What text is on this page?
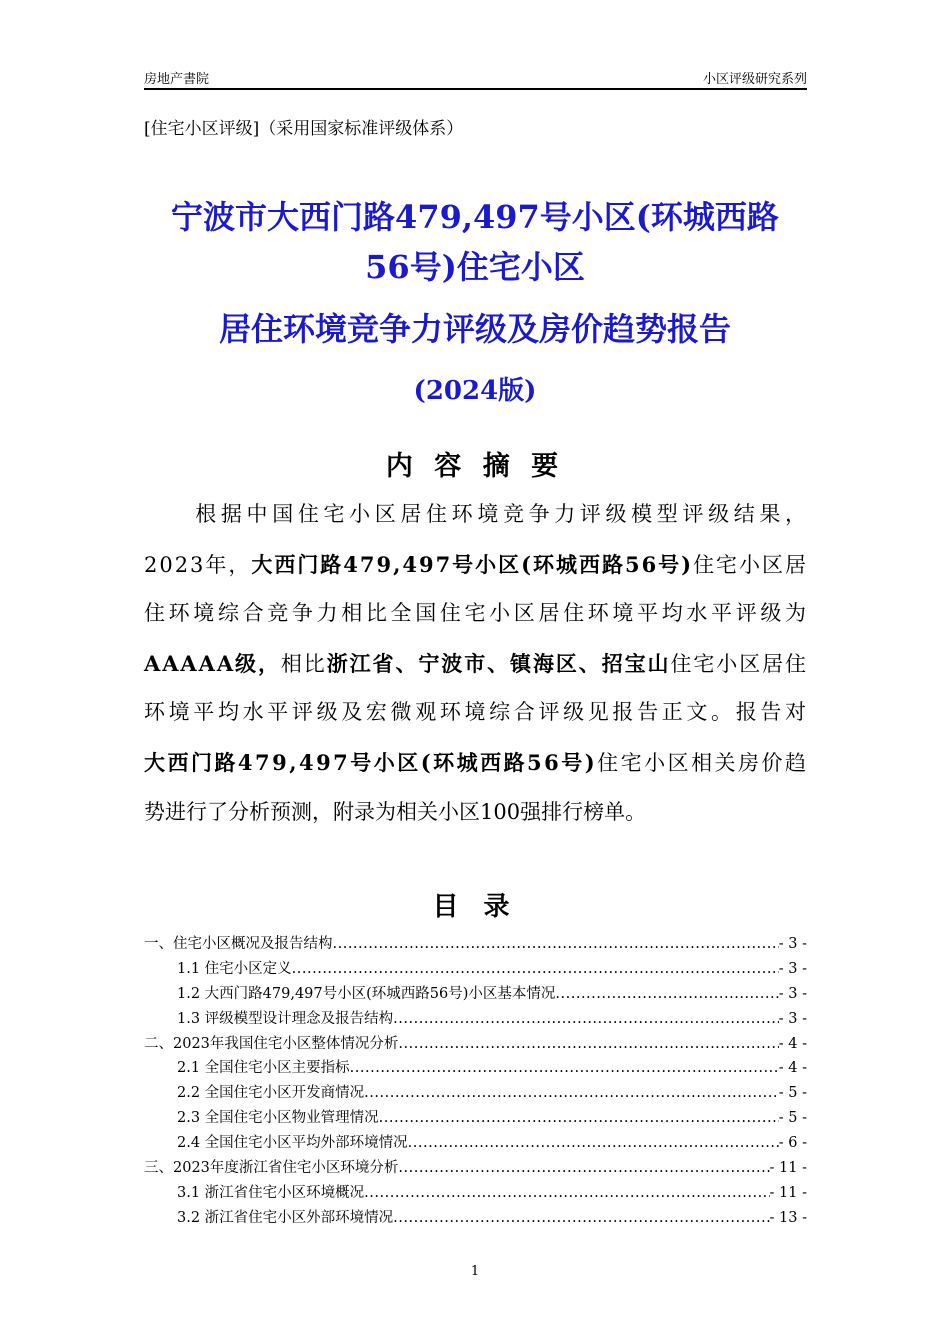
房地产書院	小区评级研究系列
[住宅小区评级]（采用国家标准评级体系）
宁波市大西门路479,497号小区(环城西路
56号)住宅小区
居住环境竞争力评级及房价趋势报告
(2024版)
内 容 摘 要
　　根据中国住宅小区居住环境竞争力评级模型评级结果，
2023年，大西门路479,497号小区(环城西路56号)住宅小区居
住环境综合竞争力相比全国住宅小区居住环境平均水平评级为
AAAAA级，相比浙江省、宁波市、镇海区、招宝山住宅小区居住
环境平均水平评级及宏微观环境综合评级见报告正文。报告对
大西门路479,497号小区(环城西路56号)住宅小区相关房价趋
势进行了分析预测，附录为相关小区100强排行榜单。
目 录
一、住宅小区概况及报告结构 .....	- 3 -
1.1 住宅小区定义 .....	- 3 -
1.2 大西门路479,497号小区(环城西路56号)小区基本情况 .....	- 3 -
1.3 评级模型设计理念及报告结构 .....	- 3 -
二、2023年我国住宅小区整体情况分析 .....	- 4 -
2.1 全国住宅小区主要指标 .....	- 4 -
2.2 全国住宅小区开发商情况 .....	- 5 -
2.3 全国住宅小区物业管理情况 .....	- 5 -
2.4 全国住宅小区平均外部环境情况 .....	- 6 -
三、2023年度浙江省住宅小区环境分析 .....	- 11 -
3.1 浙江省住宅小区环境概况 .....	- 11 -
3.2 浙江省住宅小区外部环境情况 .....	- 13 -
1
